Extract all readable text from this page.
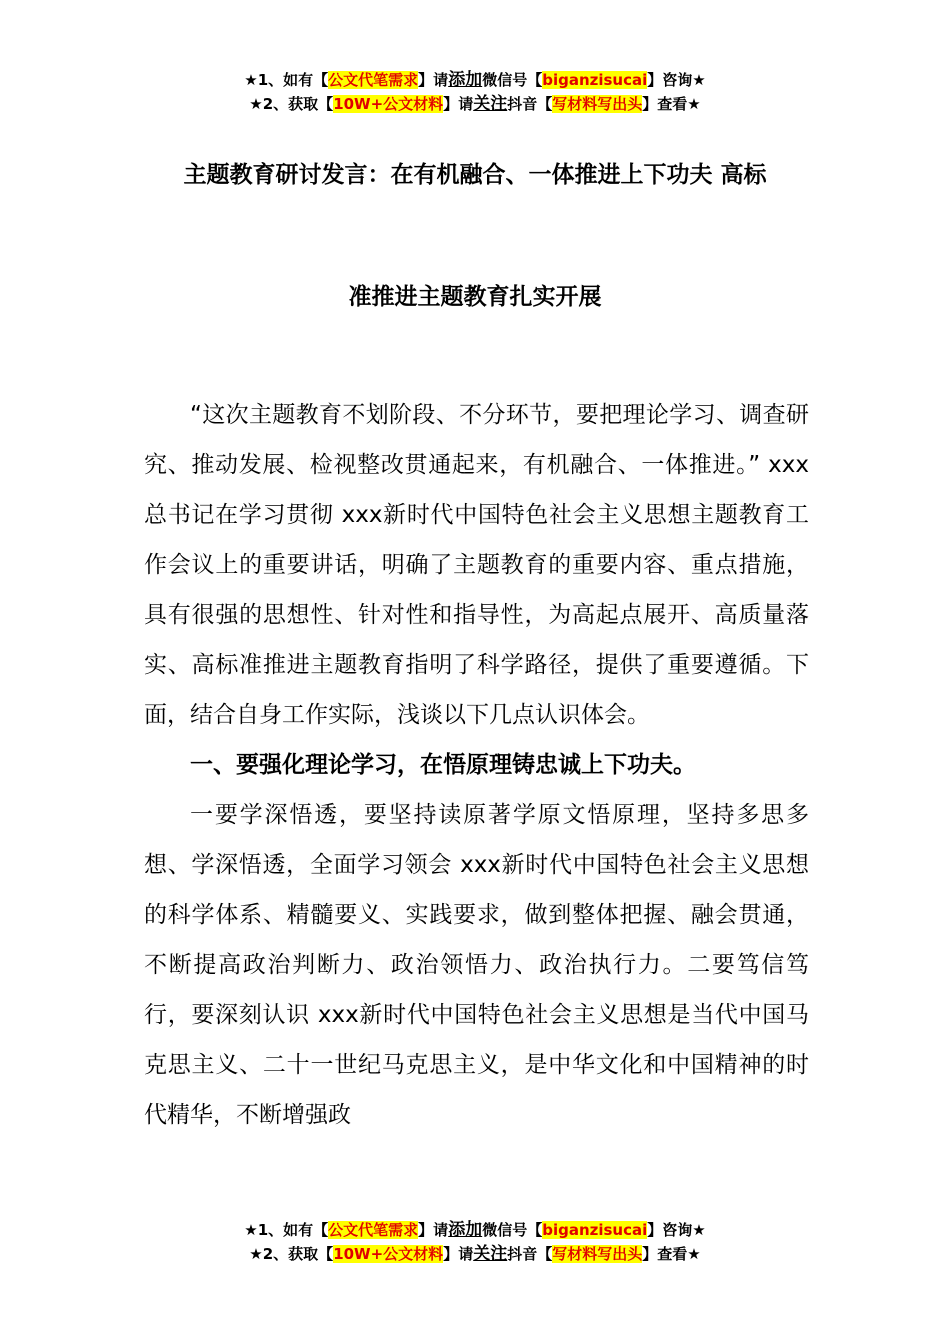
★1、如有【公文代笔需求】请添加微信号【biganzisucai】咨询★
★2、获取【10W+公文材料】请关注抖音【写材料写出头】查看★
主题教育研讨发言：在有机融合、一体推进上下功夫 高标
准推进主题教育扎实开展

“这次主题教育不划阶段、不分环节，要把理论学习、调查研究、推动发展、检视整改贯通起来，有机融合、一体推进。” xxx总书记在学习贯彻 xxx新时代中国特色社会主义思想主题教育工作会议上的重要讲话，明确了主题教育的重要内容、重点措施，具有很强的思想性、针对性和指导性，为高起点展开、高质量落实、高标准推进主题教育指明了科学路径，提供了重要遵循。下面，结合自身工作实际，浅谈以下几点认识体会。

一、要强化理论学习，在悟原理铸忠诚上下功夫。

一要学深悟透，要坚持读原著学原文悟原理，坚持多思多想、学深悟透，全面学习领会 xxx新时代中国特色社会主义思想的科学体系、精髓要义、实践要求，做到整体把握、融会贯通，不断提高政治判断力、政治领悟力、政治执行力。二要笃信笃行，要深刻认识 xxx新时代中国特色社会主义思想是当代中国马克思主义、二十一世纪马克思主义，是中华文化和中国精神的时代精华，不断增强政

★1、如有【公文代笔需求】请添加微信号【biganzisucai】咨询★
★2、获取【10W+公文材料】请关注抖音【写材料写出头】查看★
